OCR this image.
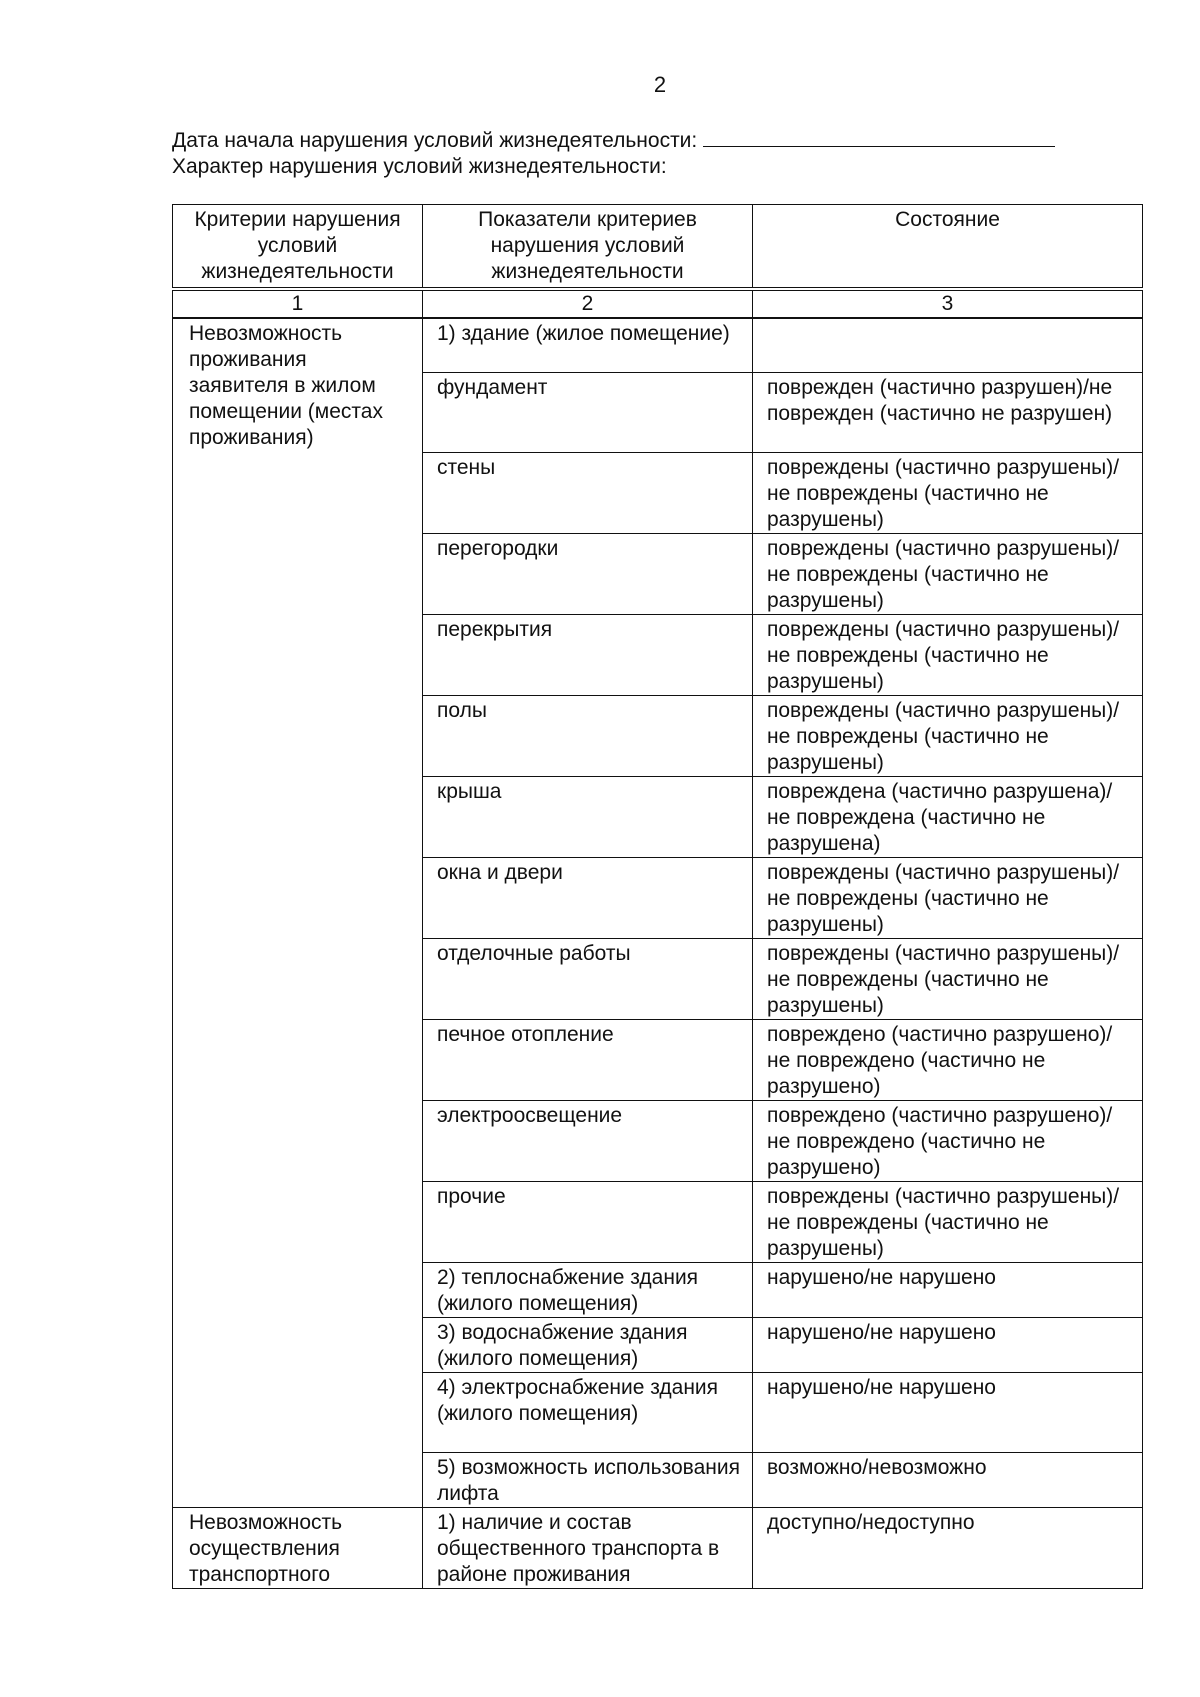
2
Дата начала нарушения условий жизнедеятельности:
Характер нарушения условий жизнедеятельности:
Критерии нарушения условий жизнедеятельности	Показатели критериев нарушения условий жизнедеятельности	Состояние
1	2	3
Невозможность проживания заявителя в жилом помещении (местах проживания)	1) здание (жилое помещение)	
	фундамент	поврежден (частично разрушен)/не поврежден (частично не разрушен)
	стены	повреждены (частично разрушены)/не повреждены (частично не разрушены)
	перегородки	повреждены (частично разрушены)/не повреждены (частично не разрушены)
	перекрытия	повреждены (частично разрушены)/не повреждены (частично не разрушены)
	полы	повреждены (частично разрушены)/не повреждены (частично не разрушены)
	крыша	повреждена (частично разрушена)/не повреждена (частично не разрушена)
	окна и двери	повреждены (частично разрушены)/не повреждены (частично не разрушены)
	отделочные работы	повреждены (частично разрушены)/не повреждены (частично не разрушены)
	печное отопление	повреждено (частично разрушено)/не повреждено (частично не разрушено)
	электроосвещение	повреждено (частично разрушено)/не повреждено (частично не разрушено)
	прочие	повреждены (частично разрушены)/не повреждены (частично не разрушены)
	2) теплоснабжение здания (жилого помещения)	нарушено/не нарушено
	3) водоснабжение здания (жилого помещения)	нарушено/не нарушено
	4) электроснабжение здания (жилого помещения)	нарушено/не нарушено
	5) возможность использования лифта	возможно/невозможно
Невозможность осуществления транспортного	1) наличие и состав общественного транспорта в районе проживания	доступно/недоступно
